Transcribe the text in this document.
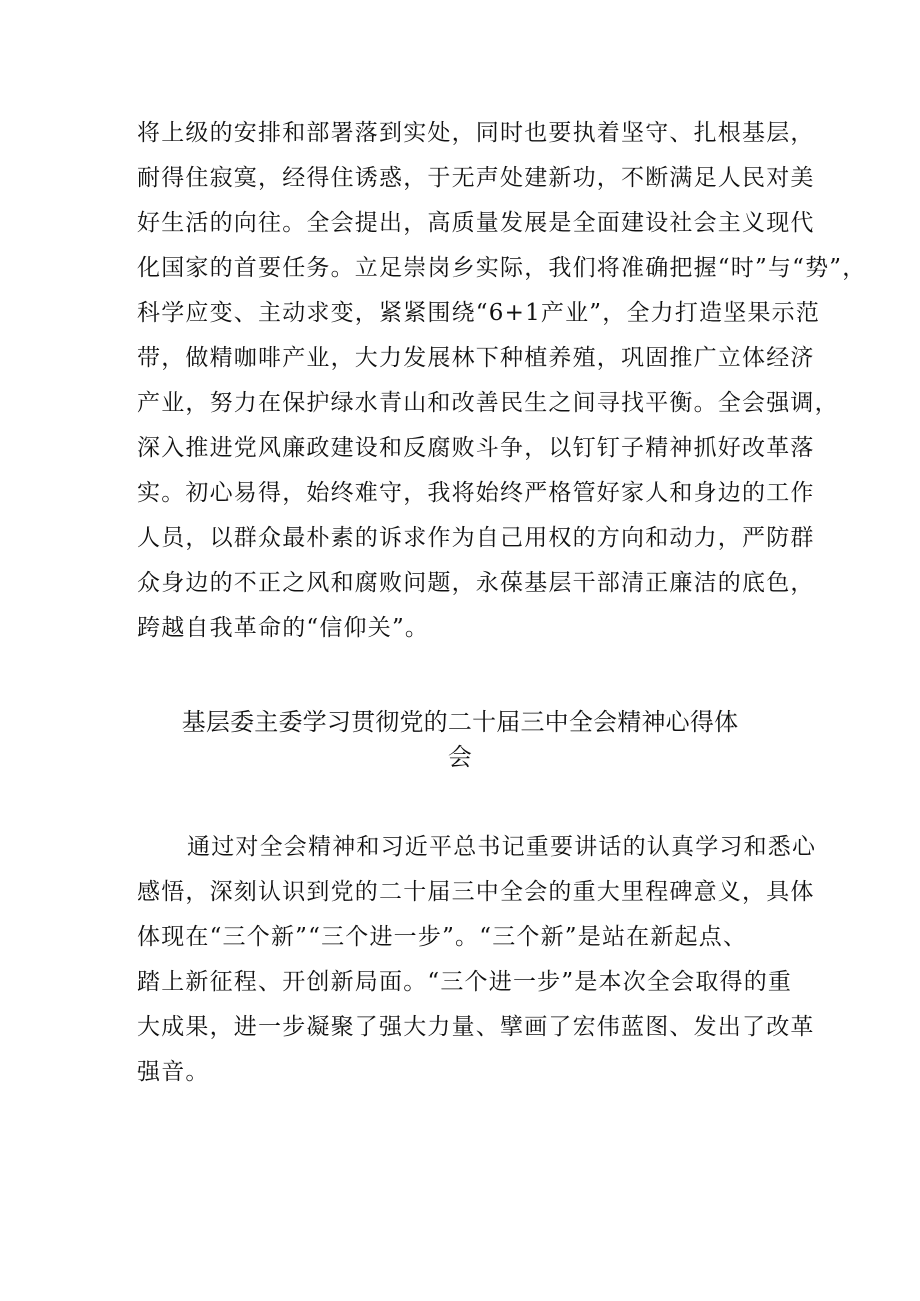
将上级的安排和部署落到实处，同时也要执着坚守、扎根基层，
耐得住寂寞，经得住诱惑，于无声处建新功，不断满足人民对美
好生活的向往。全会提出，高质量发展是全面建设社会主义现代
化国家的首要任务。立足崇岗乡实际，我们将准确把握“时”与“势”，
科学应变、主动求变，紧紧围绕“6+1产业”，全力打造坚果示范
带，做精咖啡产业，大力发展林下种植养殖，巩固推广立体经济
产业，努力在保护绿水青山和改善民生之间寻找平衡。全会强调，
深入推进党风廉政建设和反腐败斗争，以钉钉子精神抓好改革落
实。初心易得，始终难守，我将始终严格管好家人和身边的工作
人员，以群众最朴素的诉求作为自己用权的方向和动力，严防群
众身边的不正之风和腐败问题，永葆基层干部清正廉洁的底色，
跨越自我革命的“信仰关”。
基层委主委学习贯彻党的二十届三中全会精神心得体
会
通过对全会精神和习近平总书记重要讲话的认真学习和悉心
感悟，深刻认识到党的二十届三中全会的重大里程碑意义，具体
体现在“三个新”“三个进一步”。“三个新”是站在新起点、
踏上新征程、开创新局面。“三个进一步”是本次全会取得的重
大成果，进一步凝聚了强大力量、擘画了宏伟蓝图、发出了改革
强音。
